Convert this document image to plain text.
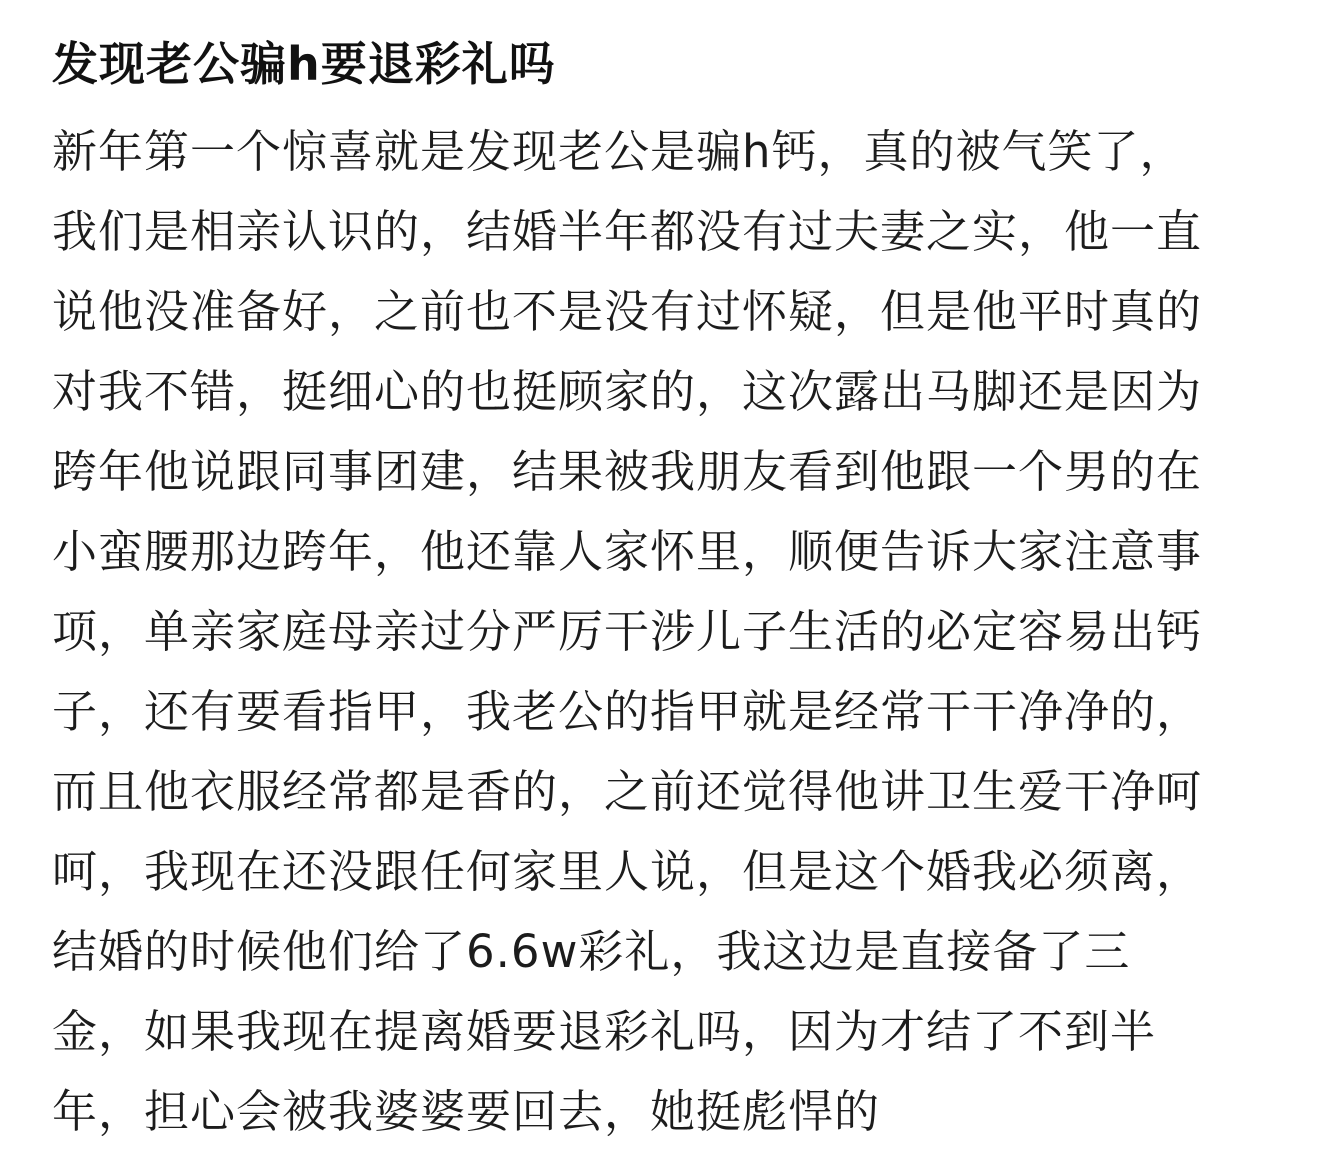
发现老公骗h要退彩礼吗
新年第一个惊喜就是发现老公是骗h钙，真的被气笑了，
我们是相亲认识的，结婚半年都没有过夫妻之实，他一直
说他没准备好，之前也不是没有过怀疑，但是他平时真的
对我不错，挺细心的也挺顾家的，这次露出马脚还是因为
跨年他说跟同事团建，结果被我朋友看到他跟一个男的在
小蛮腰那边跨年，他还靠人家怀里，顺便告诉大家注意事
项，单亲家庭母亲过分严厉干涉儿子生活的必定容易出钙
子，还有要看指甲，我老公的指甲就是经常干干净净的，
而且他衣服经常都是香的，之前还觉得他讲卫生爱干净呵
呵，我现在还没跟任何家里人说，但是这个婚我必须离，
结婚的时候他们给了6.6w彩礼，我这边是直接备了三
金，如果我现在提离婚要退彩礼吗，因为才结了不到半
年，担心会被我婆婆要回去，她挺彪悍的
